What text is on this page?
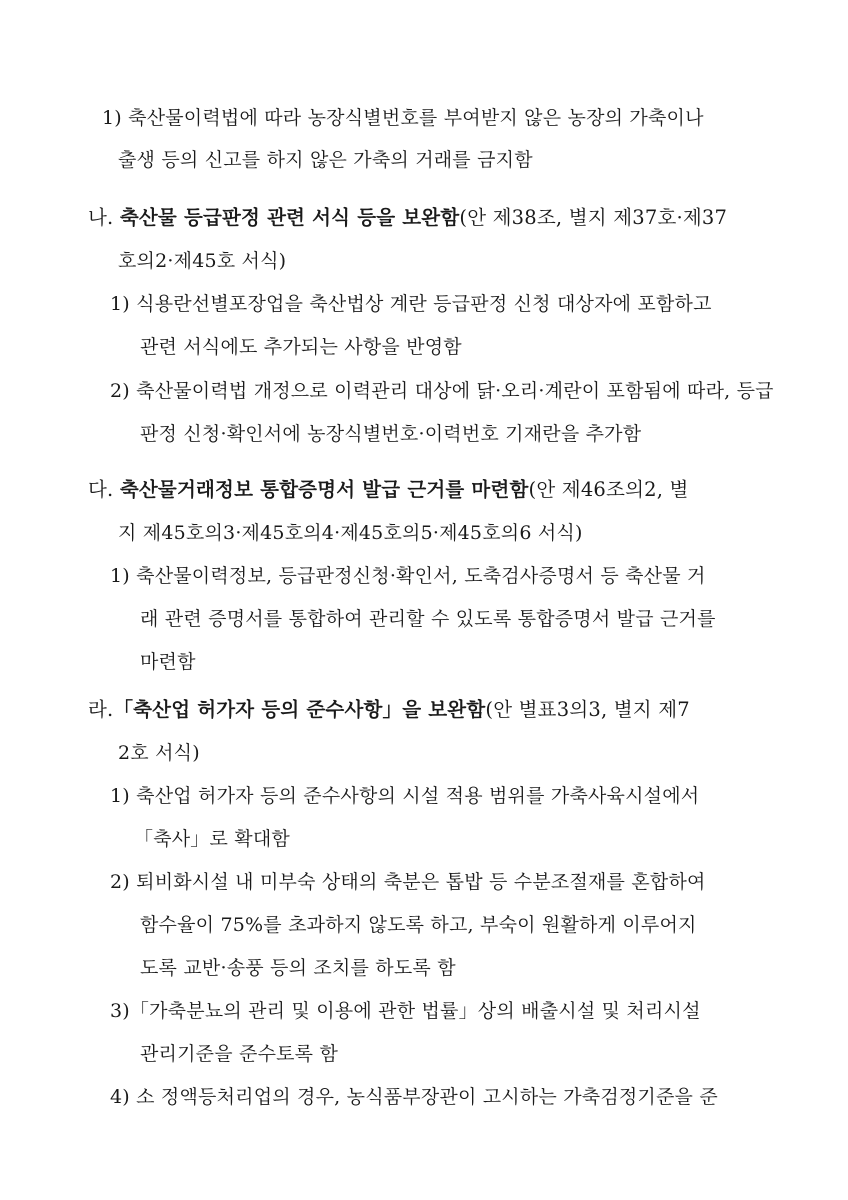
1) 축산물이력법에 따라 농장식별번호를 부여받지 않은 농장의 가축이나
출생 등의 신고를 하지 않은 가축의 거래를 금지함
나. 축산물 등급판정 관련 서식 등을 보완함(안 제38조, 별지 제37호·제37
호의2·제45호 서식)
1) 식용란선별포장업을 축산법상 계란 등급판정 신청 대상자에 포함하고
관련 서식에도 추가되는 사항을 반영함
2) 축산물이력법 개정으로 이력관리 대상에 닭·오리·계란이 포함됨에 따라, 등급
판정 신청·확인서에 농장식별번호·이력번호 기재란을 추가함
다. 축산물거래정보 통합증명서 발급 근거를 마련함(안 제46조의2, 별
지 제45호의3·제45호의4·제45호의5·제45호의6 서식)
1) 축산물이력정보, 등급판정신청·확인서, 도축검사증명서 등 축산물 거
래 관련 증명서를 통합하여 관리할 수 있도록 통합증명서 발급 근거를
마련함
라.「축산업 허가자 등의 준수사항」을 보완함(안 별표3의3, 별지 제7
2호 서식)
1) 축산업 허가자 등의 준수사항의 시설 적용 범위를 가축사육시설에서
「축사」로 확대함
2) 퇴비화시설 내 미부숙 상태의 축분은 톱밥 등 수분조절재를 혼합하여
함수율이 75%를 초과하지 않도록 하고, 부숙이 원활하게 이루어지
도록 교반·송풍 등의 조치를 하도록 함
3)「가축분뇨의 관리 및 이용에 관한 법률」상의 배출시설 및 처리시설
관리기준을 준수토록 함
4) 소 정액등처리업의 경우, 농식품부장관이 고시하는 가축검정기준을 준
